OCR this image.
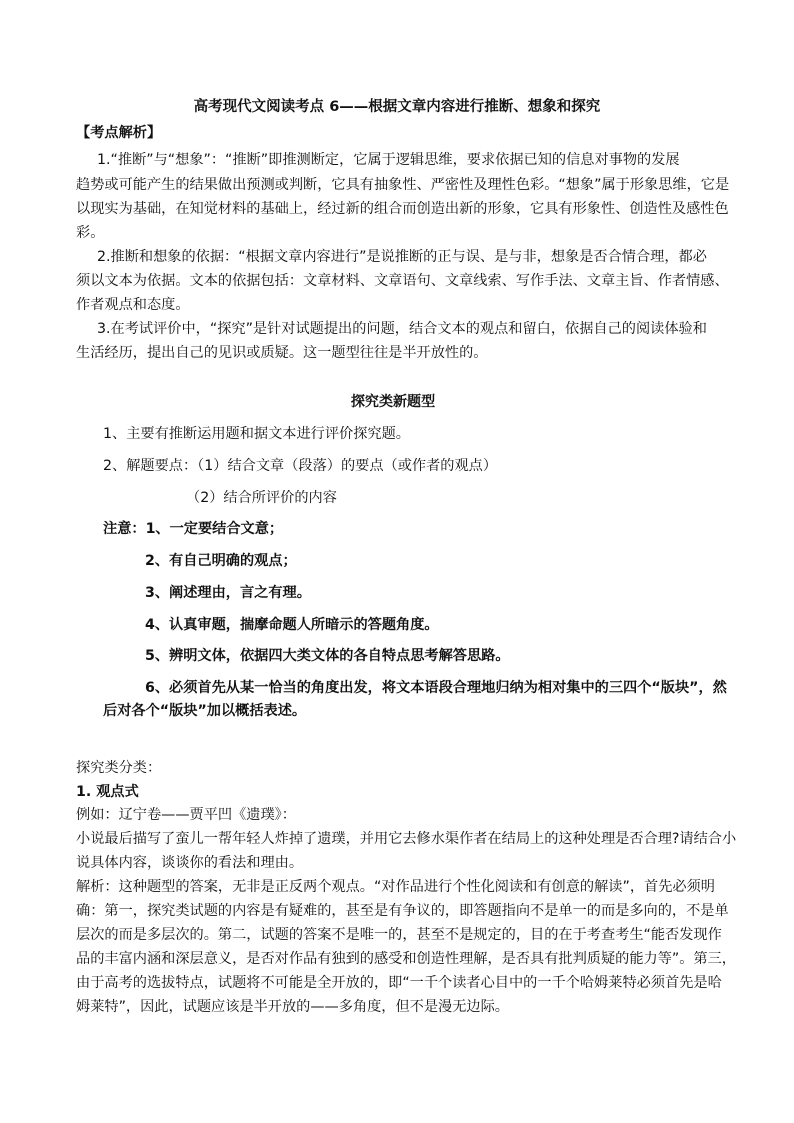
高考现代文阅读考点 6——根据文章内容进行推断、想象和探究
【考点解析】
1.“推断”与“想象”：“推断”即推测断定，它属于逻辑思维，要求依据已知的信息对事物的发展
趋势或可能产生的结果做出预测或判断，它具有抽象性、严密性及理性色彩。“想象”属于形象思维，它是
以现实为基础，在知觉材料的基础上，经过新的组合而创造出新的形象，它具有形象性、创造性及感性色
彩。
2.推断和想象的依据：“根据文章内容进行”是说推断的正与误、是与非，想象是否合情合理，都必
须以文本为依据。文本的依据包括：文章材料、文章语句、文章线索、写作手法、文章主旨、作者情感、
作者观点和态度。
3.在考试评价中，“探究”是针对试题提出的问题，结合文本的观点和留白，依据自己的阅读体验和
生活经历，提出自己的见识或质疑。这一题型往往是半开放性的。
探究类新题型
1、主要有推断运用题和据文本进行评价探究题。
2、解题要点：（1）结合文章（段落）的要点（或作者的观点）
（2）结合所评价的内容
注意：1、一定要结合文意；
2、有自己明确的观点；
3、阐述理由，言之有理。
4、认真审题，揣摩命题人所暗示的答题角度。
5、辨明文体，依据四大类文体的各自特点思考解答思路。
6、必须首先从某一恰当的角度出发，将文本语段合理地归纳为相对集中的三四个“版块”，然
后对各个“版块”加以概括表述。
探究类分类：
1. 观点式
例如：辽宁卷——贾平凹《遗璞》：
小说最后描写了蛮儿一帮年轻人炸掉了遗璞，并用它去修水渠作者在结局上的这种处理是否合理?请结合小
说具体内容，谈谈你的看法和理由。
解析：这种题型的答案，无非是正反两个观点。“对作品进行个性化阅读和有创意的解读”，首先必须明
确：第一，探究类试题的内容是有疑难的，甚至是有争议的，即答题指向不是单一的而是多向的，不是单
层次的而是多层次的。第二，试题的答案不是唯一的，甚至不是规定的，目的在于考查考生“能否发现作
品的丰富内涵和深层意义，是否对作品有独到的感受和创造性理解，是否具有批判质疑的能力等”。第三，
由于高考的选拔特点，试题将不可能是全开放的，即“一千个读者心目中的一千个哈姆莱特必须首先是哈
姆莱特”，因此，试题应该是半开放的——多角度，但不是漫无边际。
